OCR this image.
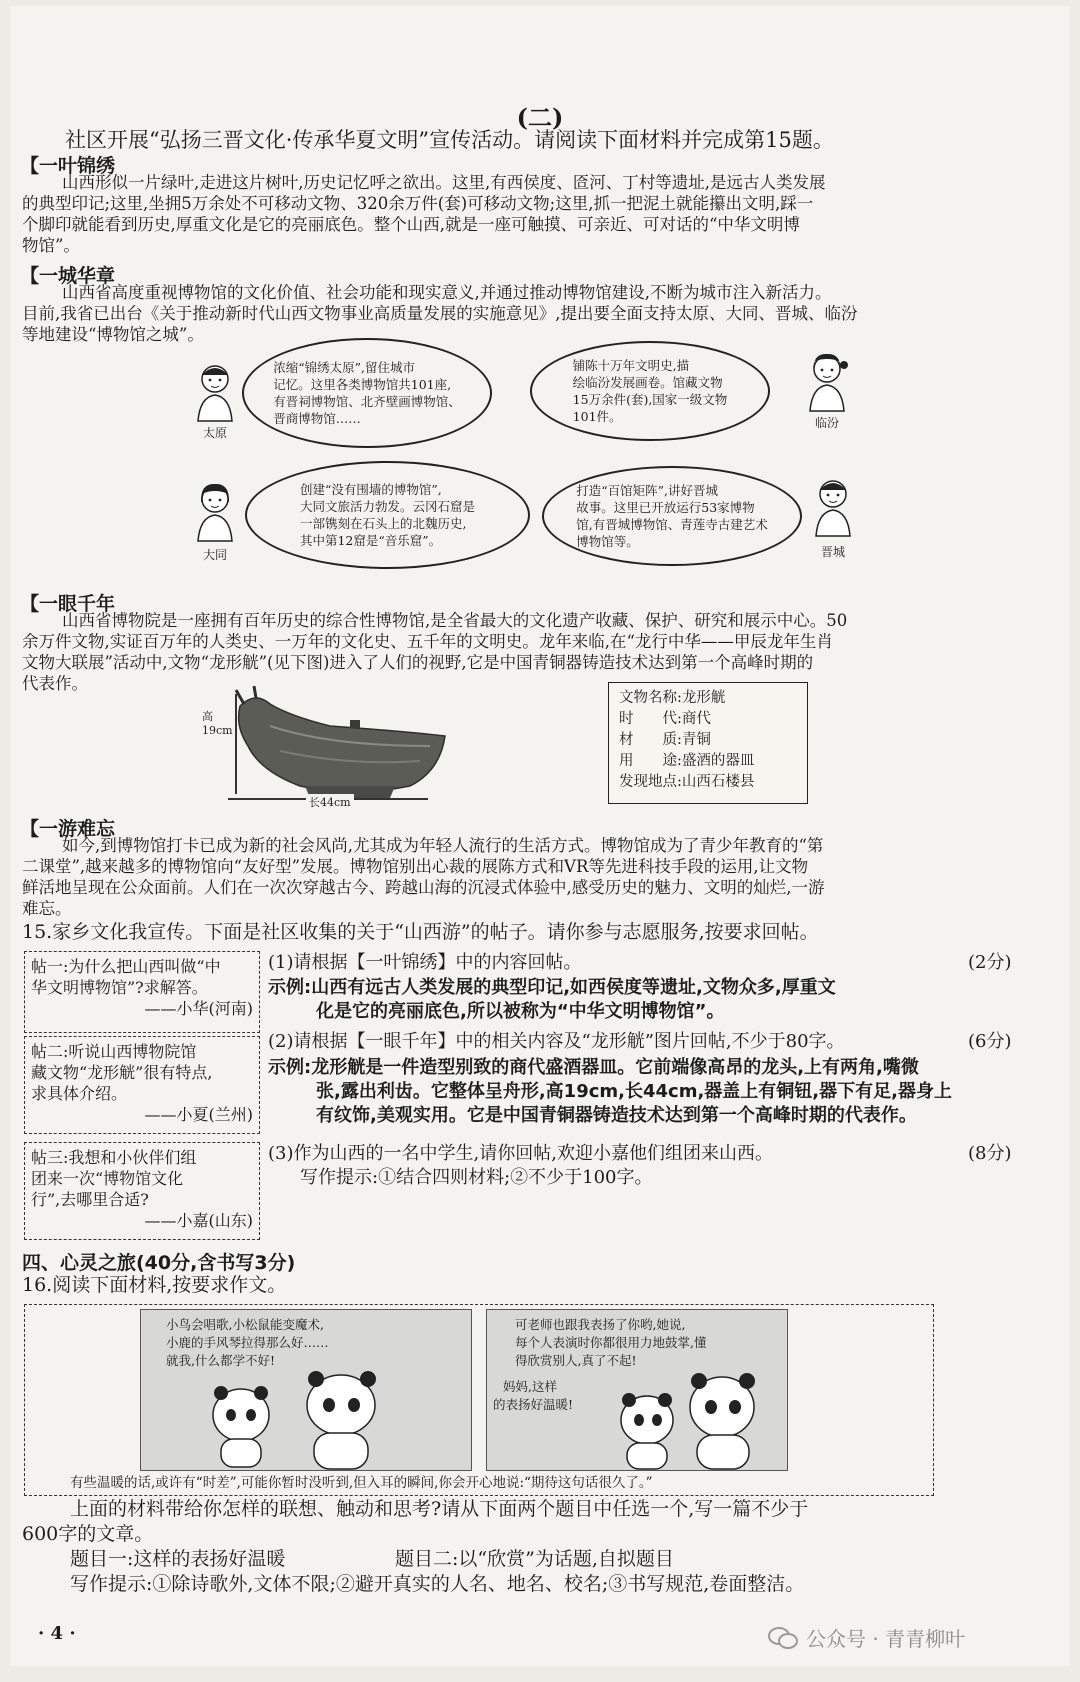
(二)
社区开展“弘扬三晋文化·传承华夏文明”宣传活动。请阅读下面材料并完成第15题。
【一叶锦绣
山西形似一片绿叶,走进这片树叶,历史记忆呼之欲出。这里,有西侯度、匼河、丁村等遗址,是远古人类发展
的典型印记;这里,坐拥5万余处不可移动文物、320余万件(套)可移动文物;这里,抓一把泥土就能攥出文明,踩一
个脚印就能看到历史,厚重文化是它的亮丽底色。整个山西,就是一座可触摸、可亲近、可对话的“中华文明博
物馆”。
【一城华章
山西省高度重视博物馆的文化价值、社会功能和现实意义,并通过推动博物馆建设,不断为城市注入新活力。
目前,我省已出台《关于推动新时代山西文物事业高质量发展的实施意见》,提出要全面支持太原、大同、晋城、临汾
等地建设“博物馆之城”。
太原
浓缩“锦绣太原”,留住城市
记忆。这里各类博物馆共101座,
有晋祠博物馆、北齐壁画博物馆、
晋商博物馆……
铺陈十万年文明史,描
绘临汾发展画卷。馆藏文物
15万余件(套),国家一级文物
101件。	临汾
大同
创建“没有围墙的博物馆”,
大同文旅活力勃发。云冈石窟是
一部镌刻在石头上的北魏历史,
其中第12窟是“音乐窟”。
打造“百馆矩阵”,讲好晋城
故事。这里已开放运行53家博物
馆,有晋城博物馆、青莲寺古建艺术
博物馆等。
晋城
【一眼千年
山西省博物院是一座拥有百年历史的综合性博物馆,是全省最大的文化遗产收藏、保护、研究和展示中心。50
余万件文物,实证百万年的人类史、一万年的文化史、五千年的文明史。龙年来临,在“龙行中华——甲辰龙年生肖
文物大联展”活动中,文物“龙形觥”(见下图)进入了人们的视野,它是中国青铜器铸造技术达到第一个高峰时期的
代表作。
高19cm
长44cm
文物名称:龙形觥
时　　代:商代
材　　质:青铜
用　　途:盛酒的器皿
发现地点:山西石楼县
【一游难忘
如今,到博物馆打卡已成为新的社会风尚,尤其成为年轻人流行的生活方式。博物馆成为了青少年教育的“第
二课堂”,越来越多的博物馆向“友好型”发展。博物馆别出心裁的展陈方式和VR等先进科技手段的运用,让文物
鲜活地呈现在公众面前。人们在一次次穿越古今、跨越山海的沉浸式体验中,感受历史的魅力、文明的灿烂,一游
难忘。
15.家乡文化我宣传。下面是社区收集的关于“山西游”的帖子。请你参与志愿服务,按要求回帖。
帖一:为什么把山西叫做“中
华文明博物馆”?求解答。
——小华(河南)
帖二:听说山西博物院馆
藏文物“龙形觥”很有特点,
求具体介绍。
——小夏(兰州)
帖三:我想和小伙伴们组
团来一次“博物馆文化
行”,去哪里合适?
——小嘉(山东)
(1)请根据【一叶锦绣】中的内容回帖。	(2分)
示例:山西有远古人类发展的典型印记,如西侯度等遗址,文物众多,厚重文
化是它的亮丽底色,所以被称为“中华文明博物馆”。
(2)请根据【一眼千年】中的相关内容及“龙形觥”图片回帖,不少于80字。	(6分)
示例:龙形觥是一件造型别致的商代盛酒器皿。它前端像高昂的龙头,上有两角,嘴微
张,露出利齿。它整体呈舟形,高19cm,长44cm,器盖上有铜钮,器下有足,器身上
有纹饰,美观实用。它是中国青铜器铸造技术达到第一个高峰时期的代表作。
(3)作为山西的一名中学生,请你回帖,欢迎小嘉他们组团来山西。	(8分)
写作提示:①结合四则材料;②不少于100字。
四、心灵之旅(40分,含书写3分)
16.阅读下面材料,按要求作文。
小鸟会唱歌,小松鼠能变魔术,
小鹿的手风琴拉得那么好……
就我,什么都学不好!
可老师也跟我表扬了你哟,她说,
每个人表演时你都很用力地鼓掌,懂
得欣赏别人,真了不起!
妈妈,这样
的表扬好温暖!
有些温暖的话,或许有“时差”,可能你暂时没听到,但入耳的瞬间,你会开心地说:“期待这句话很久了。”
上面的材料带给你怎样的联想、触动和思考?请从下面两个题目中任选一个,写一篇不少于
600字的文章。
题目一:这样的表扬好温暖	题目二:以“欣赏”为话题,自拟题目
写作提示:①除诗歌外,文体不限;②避开真实的人名、地名、校名;③书写规范,卷面整洁。
· 4 ·	公众号 · 青青柳叶
